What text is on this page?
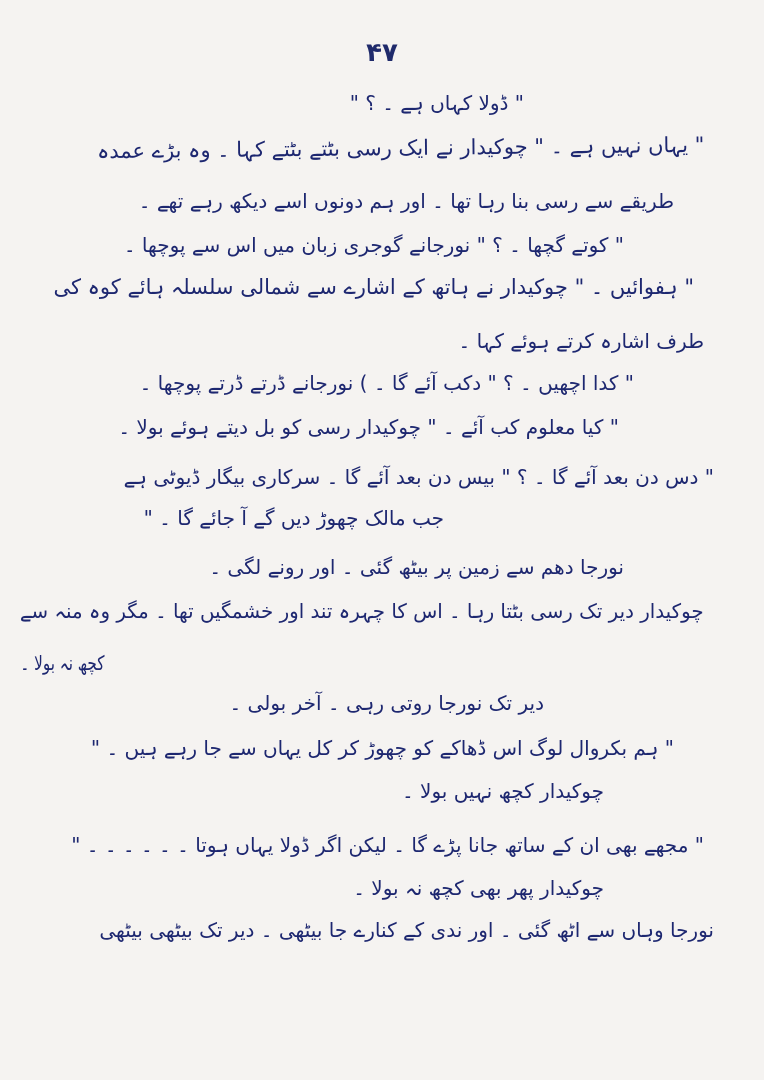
۴۷
" ڈولا کہاں ہے ۔ ؟ "
" یہاں نہیں ہے ۔ " چوکیدار نے ایک رسی بٹتے بٹتے کہا ۔ وہ بڑے عمدہ
طریقے سے رسی بنا رہا تھا ۔ اور ہم دونوں اسے دیکھ رہے تھے ۔
" کوتے گچھا ۔ ؟ " نورجانے گوجری زبان میں اس سے پوچھا ۔
" ہفوائیں ۔ " چوکیدار نے ہاتھ کے اشارے سے شمالی سلسلہ ہائے کوہ کی
طرف اشارہ کرتے ہوئے کہا ۔
" کدا اچھیں ۔ ؟ " دکب آئے گا ۔ ) نورجانے ڈرتے ڈرتے پوچھا ۔
" کیا معلوم کب آئے ۔ " چوکیدار رسی کو بل دیتے ہوئے بولا ۔
" دس دن بعد آئے گا ۔ ؟ " بیس دن بعد آئے گا ۔ سرکاری بیگار ڈیوٹی ہے
جب مالک چھوڑ دیں گے آ جائے گا ۔ "
نورجا دھم سے زمین پر بیٹھ گئی ۔ اور رونے لگی ۔
چوکیدار دیر تک رسی بٹتا رہا ۔ اس کا چہرہ تند اور خشمگیں تھا ۔ مگر وہ منہ سے
کچھ نہ بولا ۔
دیر تک نورجا روتی رہی ۔ آخر بولی ۔
" ہم بکروال لوگ اس ڈھاکے کو چھوڑ کر کل یہاں سے جا رہے ہیں ۔ "
چوکیدار کچھ نہیں بولا ۔
" مجھے بھی ان کے ساتھ جانا پڑے گا ۔ لیکن اگر ڈولا یہاں ہوتا ۔ ۔ ۔ ۔ ۔ ۔ "
چوکیدار پھر بھی کچھ نہ بولا ۔
نورجا وہاں سے اٹھ گئی ۔ اور ندی کے کنارے جا بیٹھی ۔ دیر تک بیٹھی بیٹھی
